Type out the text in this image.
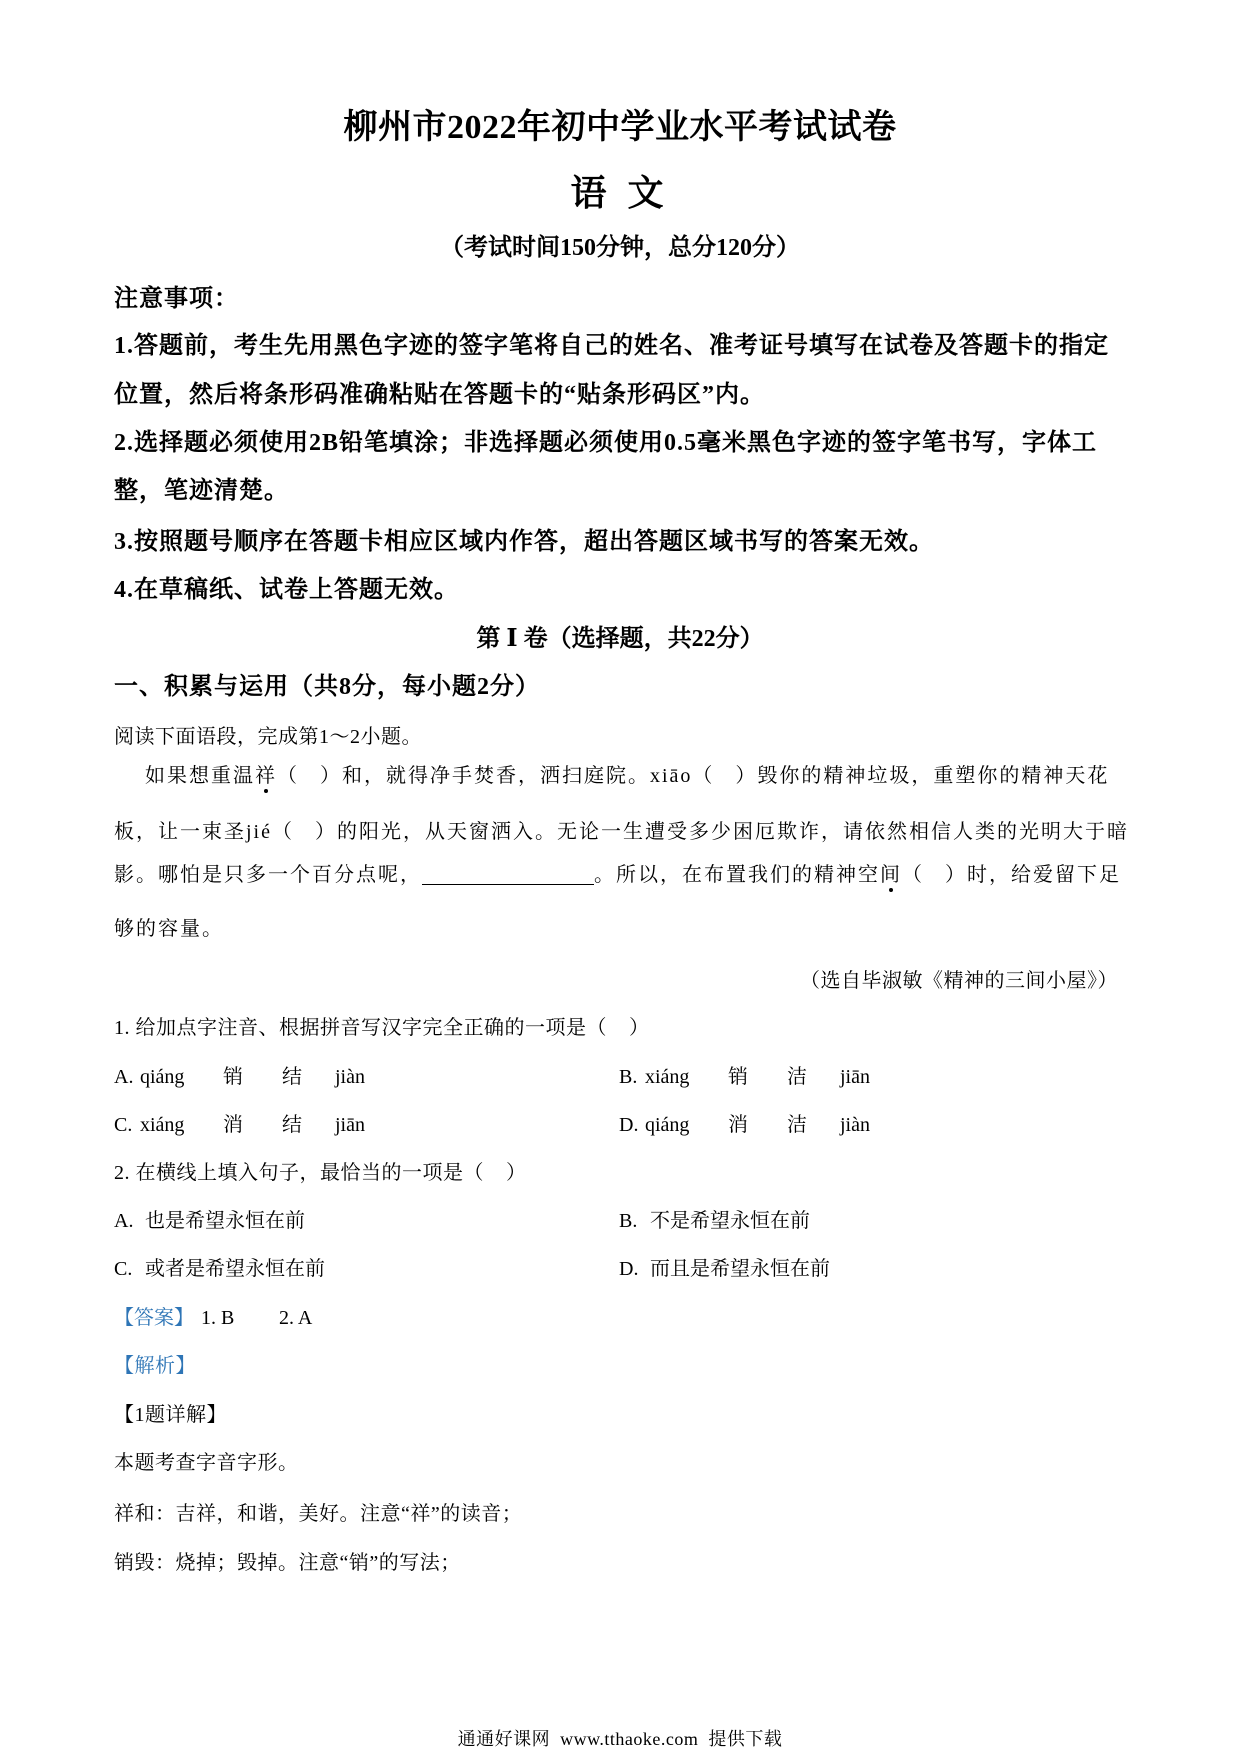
柳州市2022年初中学业水平考试试卷
语 文
（考试时间150分钟，总分120分）
注意事项：
1.答题前，考生先用黑色字迹的签字笔将自己的姓名、准考证号填写在试卷及答题卡的指定
位置，然后将条形码准确粘贴在答题卡的“贴条形码区”内。
2.选择题必须使用2B铅笔填涂；非选择题必须使用0.5毫米黑色字迹的签字笔书写，字体工
整，笔迹清楚。
3.按照题号顺序在答题卡相应区域内作答，超出答题区域书写的答案无效。
4.在草稿纸、试卷上答题无效。
第 Ⅰ 卷（选择题，共22分）
一、积累与运用（共8分，每小题2分）
阅读下面语段，完成第1～2小题。
如果想重温祥（   ）和，就得净手焚香，洒扫庭院。xiāo（   ）毁你的精神垃圾，重塑你的精神天花
板，让一束圣jié（   ）的阳光，从天窗洒入。无论一生遭受多少困厄欺诈，请依然相信人类的光明大于暗
影。哪怕是只多一个百分点呢，	。所以，在布置我们的精神空间（   ）时，给爱留下足
够的容量。
（选自毕淑敏《精神的三间小屋》）
1. 给加点字注音、根据拼音写汉字完全正确的一项是（    ）
A. qiáng 销 结 jiàn	B. xiáng 销 洁 jiān
C. xiáng 消 结 jiān	D. qiáng 消 洁 jiàn
2. 在横线上填入句子，最恰当的一项是（    ）
A. 也是希望永恒在前	B. 不是希望永恒在前
C. 或者是希望永恒在前	D. 而且是希望永恒在前
【答案】 1. B 2. A
【解析】
【1题详解】
本题考查字音字形。
祥和：吉祥，和谐，美好。注意“祥”的读音；
销毁：烧掉；毁掉。注意“销”的写法；
通通好课网  www.tthaoke.com  提供下载
